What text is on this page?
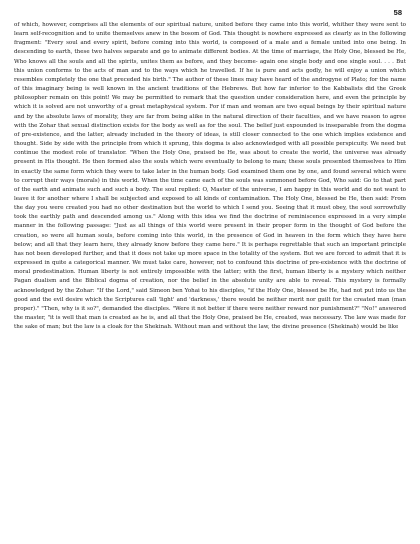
58

of which, however, comprises all the elements of our spiritual nature, united before they came into this world, whither they were sent to learn self-recognition and to unite themselves anew in the bosom of God. This thought is nowhere expressed as clearly as in the following fragment: "Every soul and every spirit, before coming into this world, is composed of a male and a female united into one being. In descending to earth, these two halves separate and go to animate different bodies. At the time of marriage, the Holy One, blessed be He, Who knows all the souls and all the spirits, unites them as before, and they become- again one single body and one single soul. . . . But this union conforms to the acts of man and to the ways which he travelled. If he is pure and acts godly, he will enjoy a union which resembles completely the one that preceded his birth." The author of these lines may have heard of the androgyne of Plato; for the name of this imaginary being is well known in the ancient traditions of the Hebrews. But how far inferior to the Kabbalists did the Greek philosopher remain on this point! We may be permitted to remark that the question under consideration here, and even the principle by which it is solved are not unworthy of a great metaphysical system. For if man and woman are two equal beings by their spiritual nature and by the absolute laws of morality, they are far from being alike in the natural direction of their faculties, and we have reason to agree with the Zohar that sexual distinction exists for the body as well as for the soul. The belief just expounded is inseparable from the dogma of pre-existence, and the latter, already included in the theory of ideas, is still closer connected to the one which implies existence and thought. Side by side with the principle from which it sprung, this dogma is also acknowledged with all possible perspicuity. We need but continue the modest role of translator. "When the Holy One, praised be He, was about to create the world, the universe was already present in His thought. He then formed also the souls which were eventually to belong to man; these souls presented themselves to Him in exactly the same form which they were to take later in the human body. God examined them one by one, and found several which were to corrupt their ways (morals) in this world. When the time came each of the souls was summoned before God, Who said: Go to that part of the earth and animate such and such a body. The soul replied: O, Master of the universe, I am happy in this world and do not want to leave it for another where I shall be subjected and exposed to all kinds of contamination. The Holy One, blessed be He, then said: From the day you were created you had no other destination but the world to which I send you. Seeing that it must obey, the soul sorrowfully took the earthly path and descended among us." Along with this idea we find the doctrine of reminiscence expressed in a very simple manner in the following passage: "Just as all things of this world were present in their proper form in the thought of God before the creation, so were all human souls, before coming into this world, in the presence of God in heaven in the form which they have here below; and all that they learn here, they already know before they came here." It is perhaps regrettable that such an important principle has not been developed further, and that it does not take up more space in the totality of the system. But we are forced to admit that it is expressed in quite a categorical manner. We must take care, however, not to confound this doctrine of pre-existence with the doctrine of moral predestination. Human liberty is not entirely impossible with the latter; with the first, human liberty is a mystery which neither Pagan dualism and the Biblical dogma of creation, nor the belief in the absolute unity are able to reveal. This mystery is formally acknowledged by the Zohar: "If the Lord," said Simeon ben Yohai to his disciples, "if the Holy One, blessed be He, had not put into us the good and the evil desire which the Scriptures call 'light' and 'darkness,' there would be neither merit nor guilt for the created man (man proper)." "Then, why is it so?", demanded the disciples. "Were it not better if there were neither reward nor punishment?" "No!" answered the master, "it is well that man is created as he is, and all that the Holy One, praised be He, created, was necessary. The law was made for the sake of man; but the law is a cloak for the Shekinah. Without man and without the law, the divine presence (Shekinah) would be like
